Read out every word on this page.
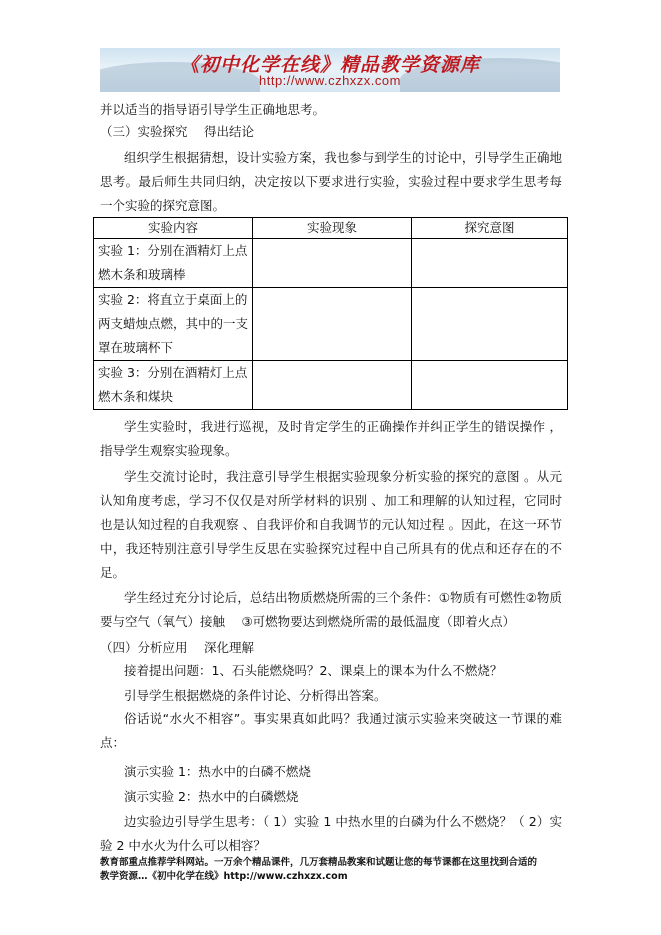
《初中化学在线》精品教学资源库
http://www.czhxzx.com
并以适当的指导语引导学生正确地思考。
（三）实验探究　 得出结论

组织学生根据猜想，设计实验方案，我也参与到学生的讨论中，引导学生正确地思考。最后师生共同归纳，决定按以下要求进行实验，实验过程中要求学生思考每一个实验的探究意图。

实验内容	实验现象	探究意图
实验 1：分别在酒精灯上点燃木条和玻璃棒		
实验 2：将直立于桌面上的两支蜡烛点燃，其中的一支罩在玻璃杯下		
实验 3：分别在酒精灯上点燃木条和煤块		

学生实验时，我进行巡视，及时肯定学生的正确操作并纠正学生的错误操作 ，指导学生观察实验现象。

学生交流讨论时，我注意引导学生根据实验现象分析实验的探究的意图 。从元认知角度考虑，学习不仅仅是对所学材料的识别 、加工和理解的认知过程，它同时也是认知过程的自我观察 、自我评价和自我调节的元认知过程 。因此，在这一环节中，我还特别注意引导学生反思在实验探究过程中自己所具有的优点和还存在的不足。

学生经过充分讨论后，总结出物质燃烧所需的三个条件：①物质有可燃性②物质要与空气（氧气）接触　 ③可燃物要达到燃烧所需的最低温度（即着火点）

（四）分析应用　 深化理解
接着提出问题：1、石头能燃烧吗？2、课桌上的课本为什么不燃烧？
引导学生根据燃烧的条件讨论、分析得出答案。

俗话说“水火不相容”。事实果真如此吗？我通过演示实验来突破这一节课的难点：

演示实验 1：热水中的白磷不燃烧
演示实验 2：热水中的白磷燃烧

边实验边引导学生思考：（ 1）实验 1 中热水里的白磷为什么不燃烧？（ 2）实验 2 中水火为什么可以相容？

教育部重点推荐学科网站。一万余个精品课件，几万套精品教案和试题让您的每节课都在这里找到合适的
教学资源…《初中化学在线》http://www.czhxzx.com
